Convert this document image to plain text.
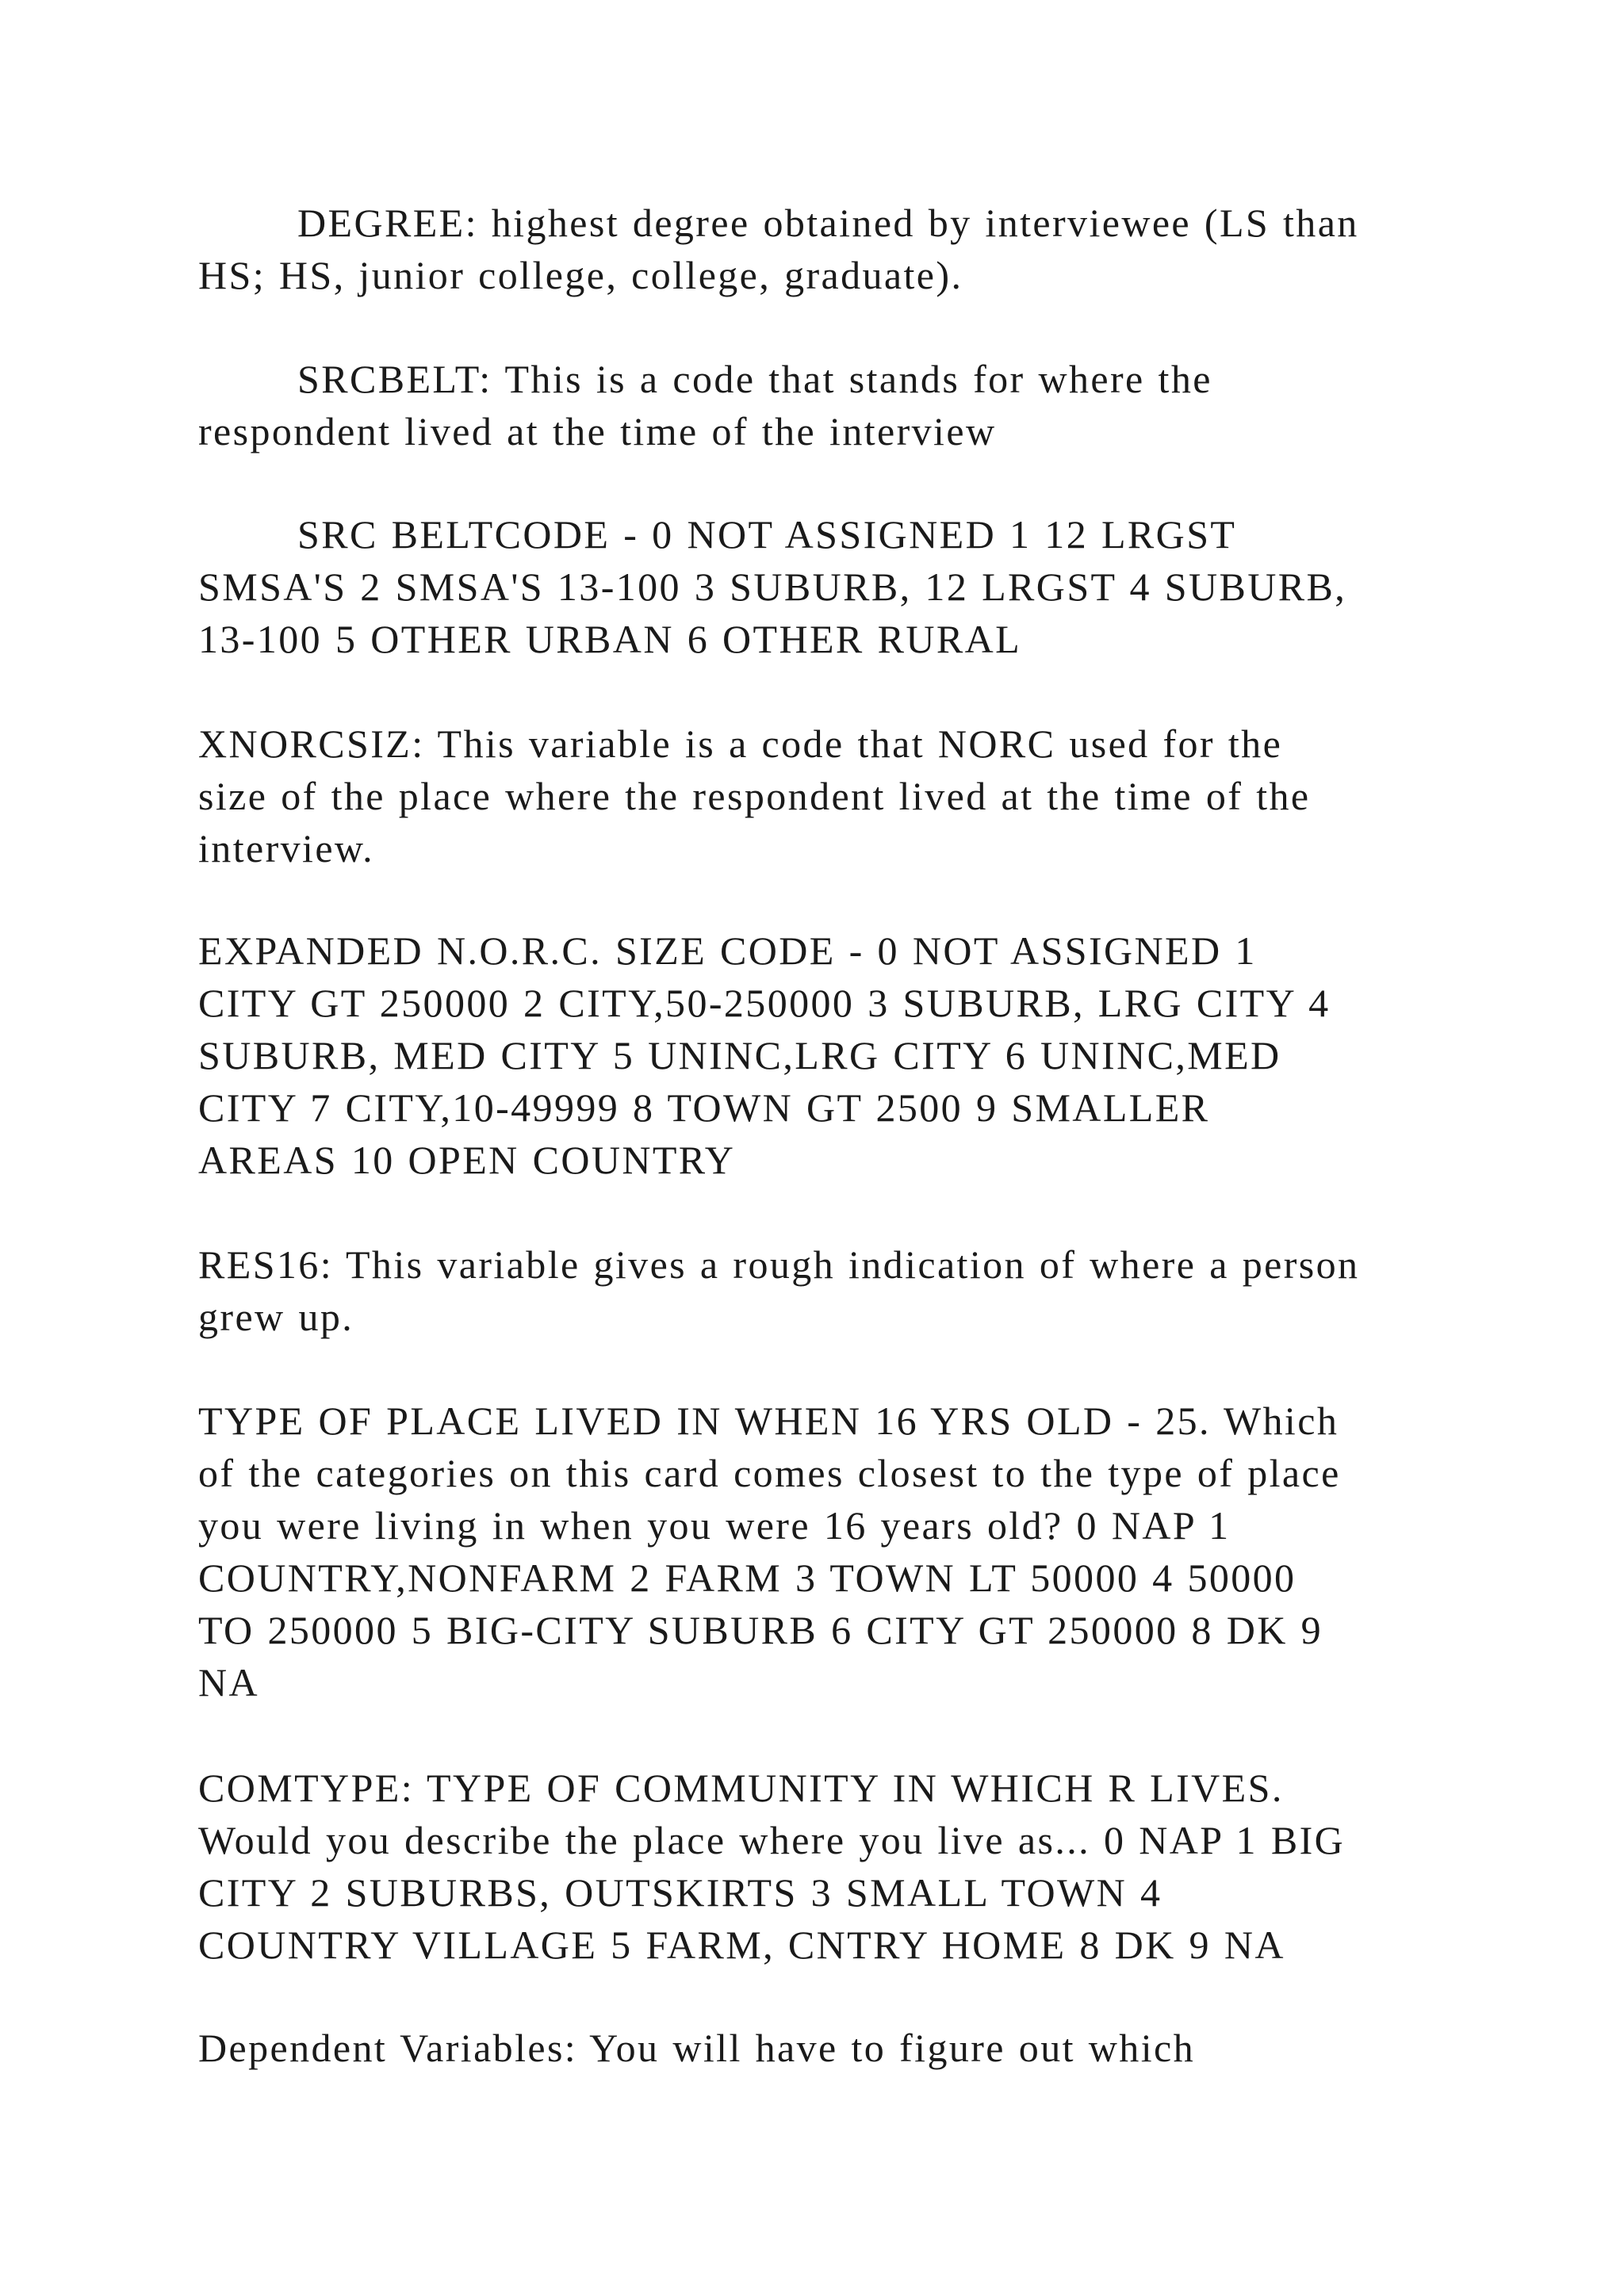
DEGREE: highest degree obtained by interviewee (LS than
HS; HS, junior college, college, graduate).

SRCBELT: This is a code that stands for where the
respondent lived at the time of the interview

SRC BELTCODE - 0 NOT ASSIGNED 1 12 LRGST
SMSA'S 2 SMSA'S 13-100 3 SUBURB, 12 LRGST 4 SUBURB,
13-100 5 OTHER URBAN 6 OTHER RURAL

XNORCSIZ: This variable is a code that NORC used for the
size of the place where the respondent lived at the time of the
interview.

EXPANDED N.O.R.C. SIZE CODE - 0 NOT ASSIGNED 1
CITY GT 250000 2 CITY,50-250000 3 SUBURB, LRG CITY 4
SUBURB, MED CITY 5 UNINC,LRG CITY 6 UNINC,MED
CITY 7 CITY,10-49999 8 TOWN GT 2500 9 SMALLER
AREAS 10 OPEN COUNTRY

RES16: This variable gives a rough indication of where a person
grew up.

TYPE OF PLACE LIVED IN WHEN 16 YRS OLD - 25. Which
of the categories on this card comes closest to the type of place
you were living in when you were 16 years old? 0 NAP 1
COUNTRY,NONFARM 2 FARM 3 TOWN LT 50000 4 50000
TO 250000 5 BIG-CITY SUBURB 6 CITY GT 250000 8 DK 9
NA

COMTYPE: TYPE OF COMMUNITY IN WHICH R LIVES.
Would you describe the place where you live as... 0 NAP 1 BIG
CITY 2 SUBURBS, OUTSKIRTS 3 SMALL TOWN 4
COUNTRY VILLAGE 5 FARM, CNTRY HOME 8 DK 9 NA

Dependent Variables: You will have to figure out which
